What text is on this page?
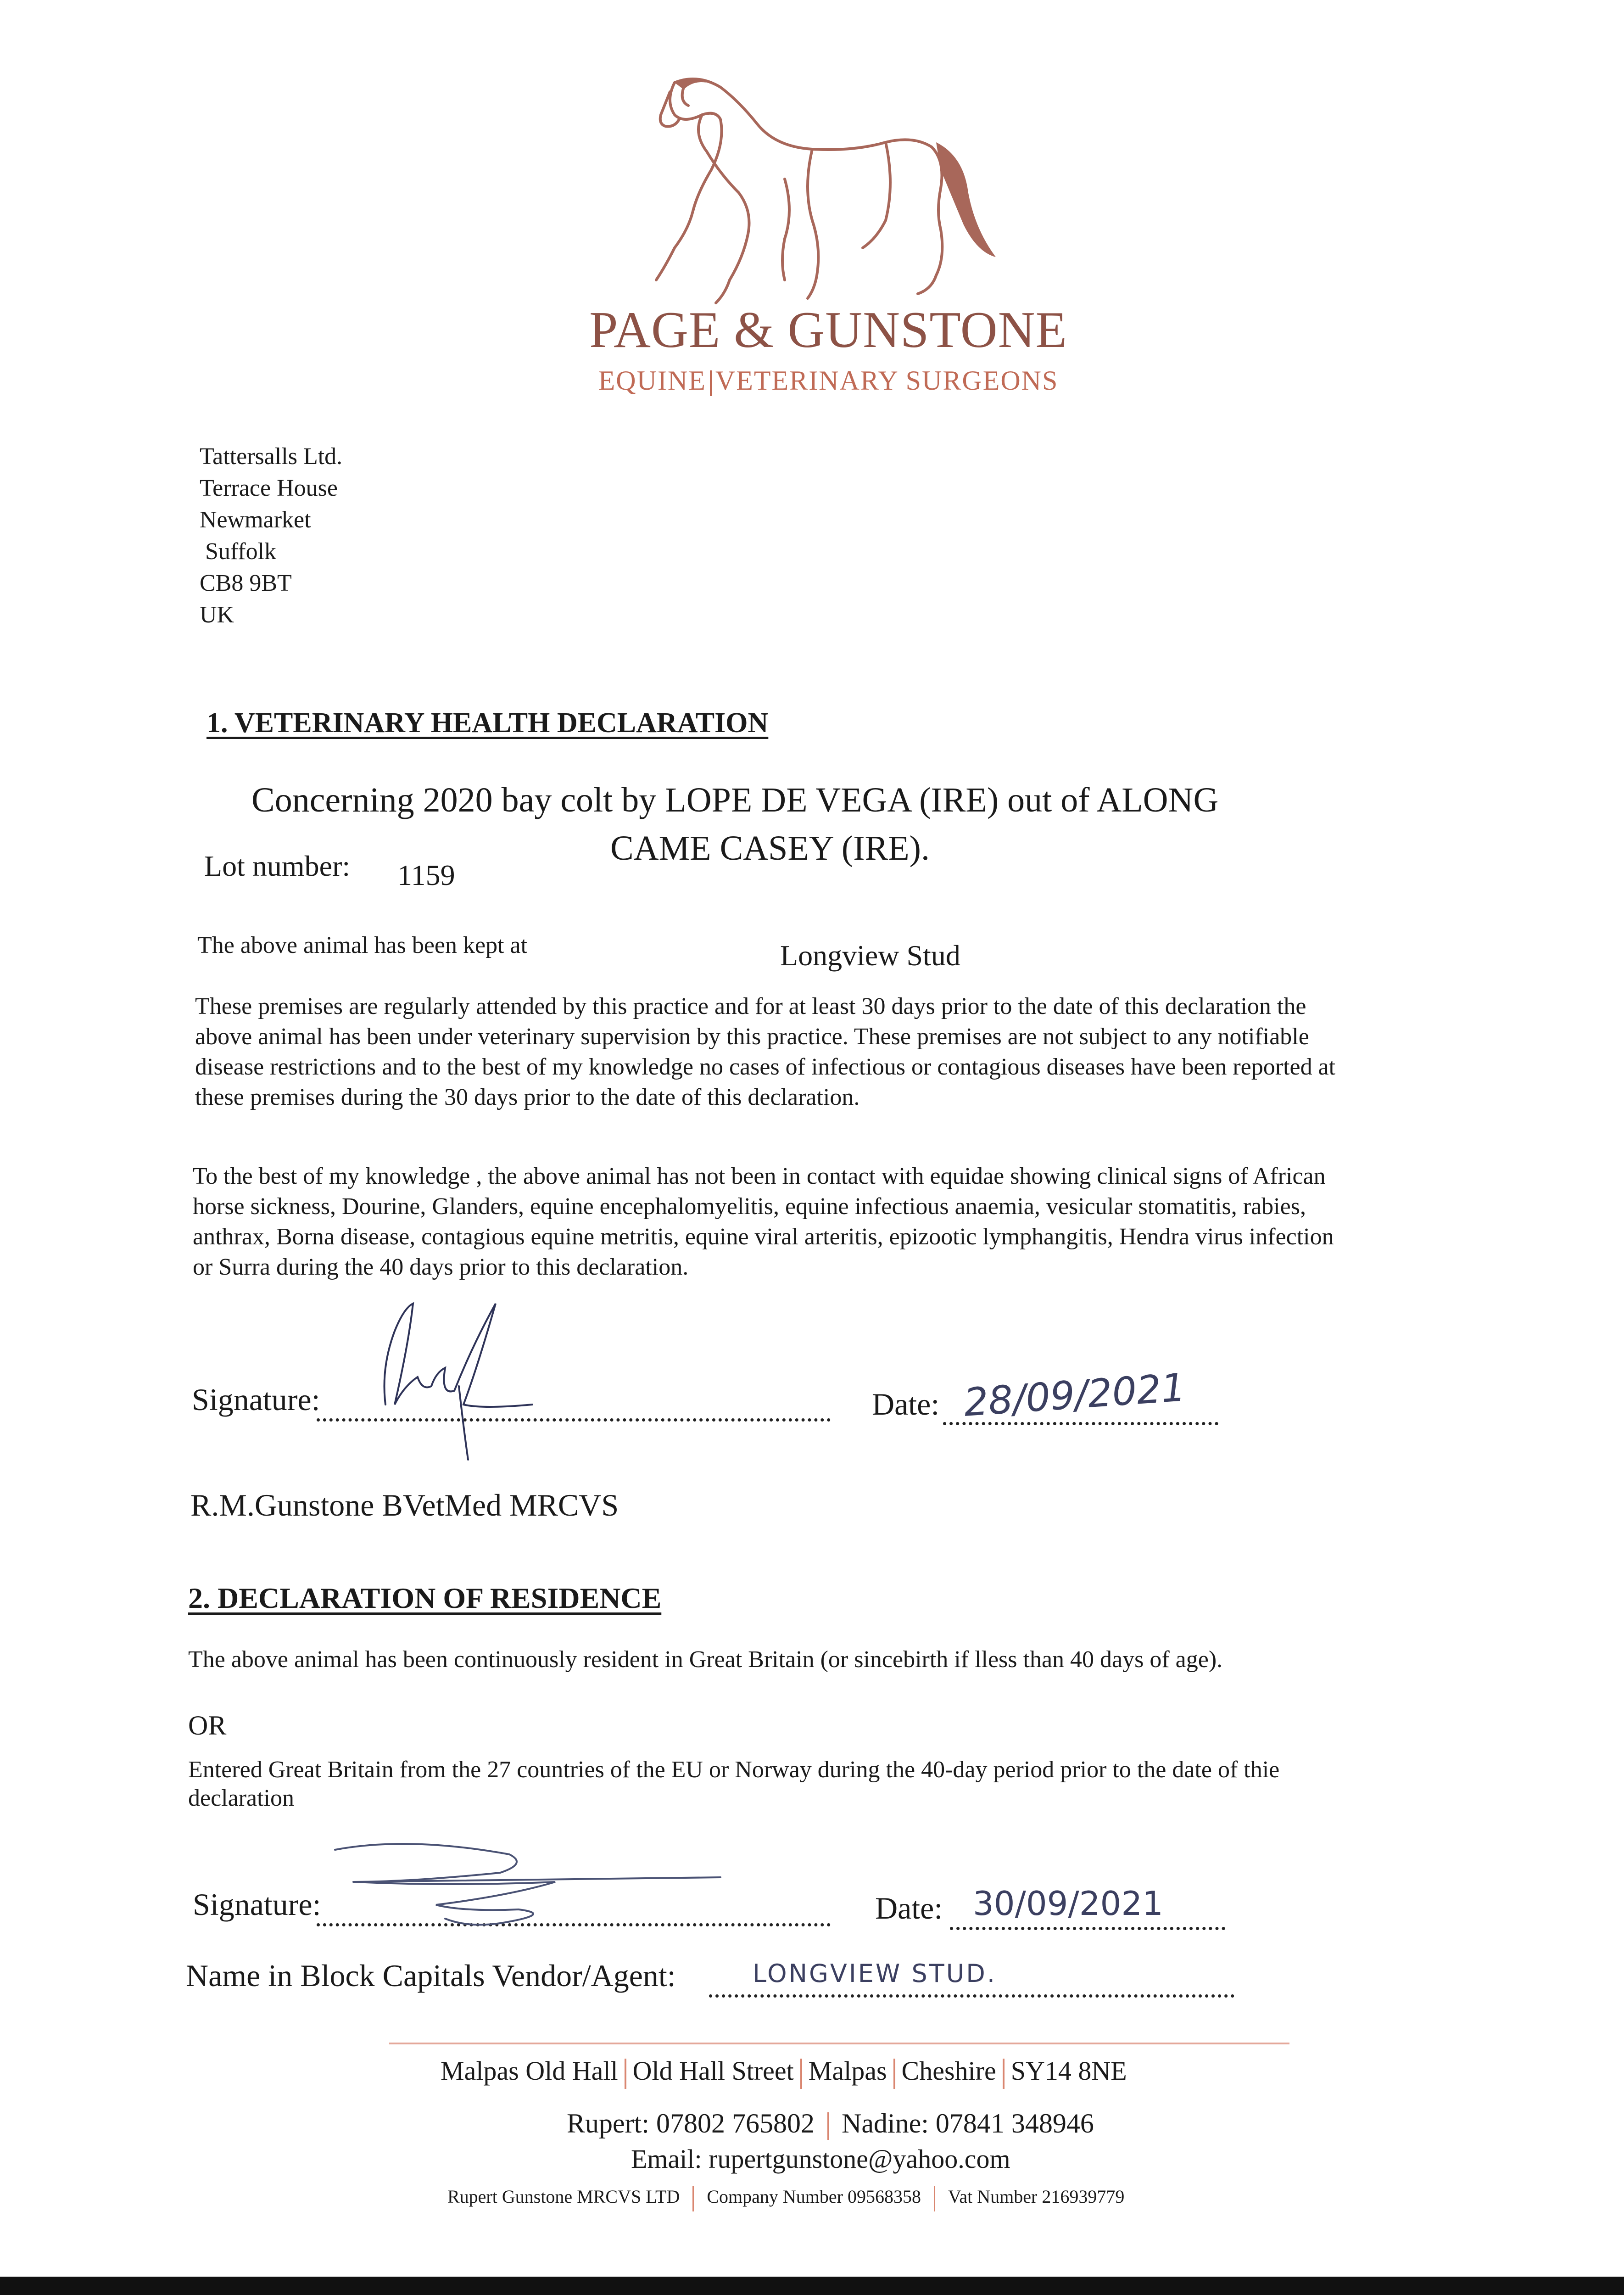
PAGE & GUNSTONE
EQUINE VETERINARY SURGEONS
Tattersalls Ltd.
Terrace House
Newmarket
Suffolk
CB8 9BT
UK
1. VETERINARY HEALTH DECLARATION
Concerning 2020 bay colt by LOPE DE VEGA (IRE) out of ALONG
CAME CASEY (IRE).
Lot number: 1159
The above animal has been kept at	Longview Stud
These premises are regularly attended by this practice and for at least 30 days prior to the date of this declaration the above animal has been under veterinary supervision by this practice. These premises are not subject to any notifiable disease restrictions and to the best of my knowledge no cases of infectious or contagious diseases have been reported at these premises during the 30 days prior to the date of this declaration.
To the best of my knowledge , the above animal has not been in contact with equidae showing clinical signs of African horse sickness, Dourine, Glanders, equine encephalomyelitis, equine infectious anaemia, vesicular stomatitis, rabies, anthrax, Borna disease, contagious equine metritis, equine viral arteritis, epizootic lymphangitis, Hendra virus infection or Surra during the 40 days prior to this declaration.
Signature:	Date: 28/09/2021
R.M.Gunstone BVetMed MRCVS
2. DECLARATION OF RESIDENCE
The above animal has been continuously resident in Great Britain (or sincebirth if lless than 40 days of age).
OR
Entered Great Britain from the 27 countries of the EU or Norway during the 40-day period prior to the date of thie declaration
Signature:	Date: 30/09/2021
Name in Block Capitals Vendor/Agent:	LONGVIEW STUD.
Malpas Old Hall Old Hall Street Malpas Cheshire SY14 8NE
Rupert: 07802 765802 Nadine: 07841 348946
Email: rupertgunstone@yahoo.com
Rupert Gunstone MRCVS LTD Company Number 09568358 Vat Number 216939779
